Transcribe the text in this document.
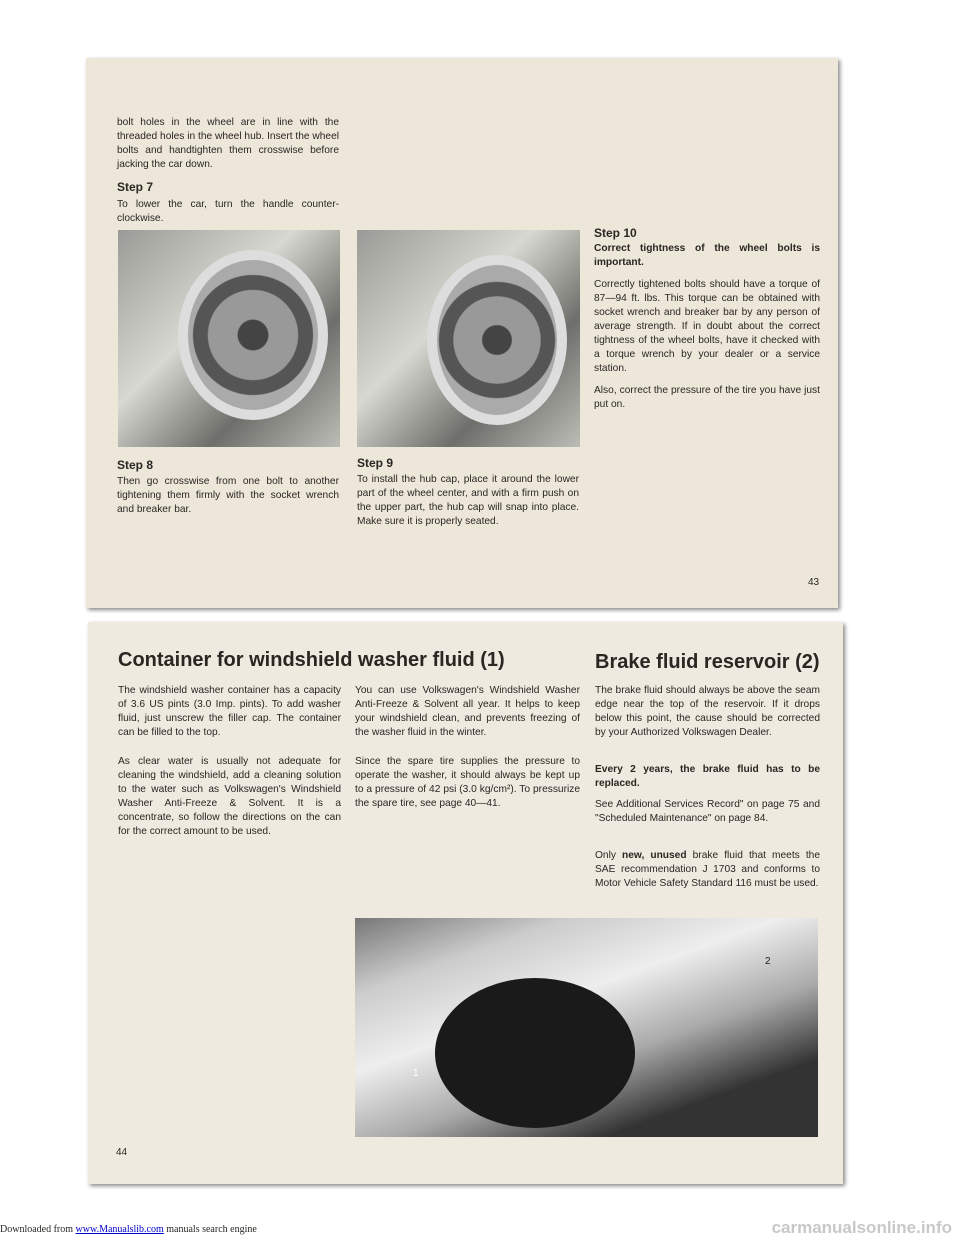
bolt holes in the wheel are in line with the threaded holes in the wheel hub. Insert the wheel bolts and handtighten them crosswise before jacking the car down.
Step 7
To lower the car, turn the handle counter-clockwise.
Step 8
Then go crosswise from one bolt to another tightening them firmly with the socket wrench and breaker bar.
Step 9
To install the hub cap, place it around the lower part of the wheel center, and with a firm push on the upper part, the hub cap will snap into place. Make sure it is properly seated.
Step 10
Correct tightness of the wheel bolts is important.
Correctly tightened bolts should have a torque of 87—94 ft. lbs. This torque can be obtained with socket wrench and breaker bar by any person of average strength. If in doubt about the correct tightness of the wheel bolts, have it checked with a torque wrench by your dealer or a service station.
Also, correct the pressure of the tire you have just put on.
43
Container for windshield washer fluid (1)	Brake fluid reservoir (2)
The windshield washer container has a capacity of 3.6 US pints (3.0 Imp. pints). To add washer fluid, just unscrew the filler cap. The container can be filled to the top.
As clear water is usually not adequate for cleaning the windshield, add a cleaning solution to the water such as Volkswagen's Windshield Washer Anti-Freeze & Solvent. It is a concentrate, so follow the directions on the can for the correct amount to be used.
You can use Volkswagen's Windshield Washer Anti-Freeze & Solvent all year. It helps to keep your windshield clean, and prevents freezing of the washer fluid in the winter.
Since the spare tire supplies the pressure to operate the washer, it should always be kept up to a pressure of 42 psi (3.0 kg/cm²). To pressurize the spare tire, see page 40—41.
The brake fluid should always be above the seam edge near the top of the reservoir. If it drops below this point, the cause should be corrected by your Authorized Volkswagen Dealer.
Every 2 years, the brake fluid has to be replaced.
See Additional Services Record" on page 75 and "Scheduled Maintenance" on page 84.
Only new, unused brake fluid that meets the SAE recommendation J 1703 and conforms to Motor Vehicle Safety Standard 116 must be used.
1
2
44
Downloaded from www.Manualslib.com manuals search engine	carmanualsonline.info
